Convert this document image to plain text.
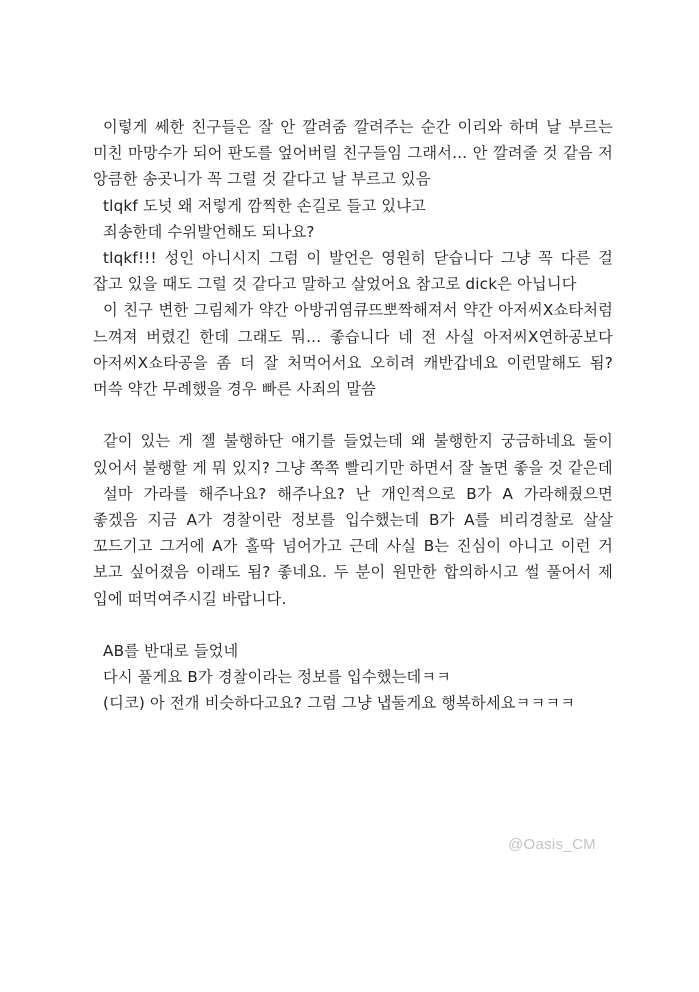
이렇게 쎄한 친구들은 잘 안 깔려줌 깔려주는 순간 이리와 하며 날 부르는 미친 마망수가 되어 판도를 엎어버릴 친구들임 그래서… 안 깔려줄 것 같음 저 앙큼한 송곳니가 꼭 그럴 것 같다고 날 부르고 있음

tlqkf 도넛 왜 저렇게 깜찍한 손길로 들고 있냐고

죄송한데 수위발언해도 되나요?

tlqkf!!! 성인 아니시지 그럼 이 발언은 영원히 닫습니다 그냥 꼭 다른 걸 잡고 있을 때도 그럴 것 같다고 말하고 살었어요 참고로 dick은 아닙니다

이 친구 변한 그림체가 약간 아방귀염큐뜨뽀짝해져서 약간 아저씨X쇼타처럼 느껴져 버렸긴 한데 그래도 뭐… 좋습니다 네 전 사실 아저씨X연하공보다 아저씨X쇼타공을 좀 더 잘 처먹어서요 오히려 캐반갑네요 이런말해도 됨? 머쓱 약간 무례했을 경우 빠른 사죄의 말씀

같이 있는 게 젤 불행하단 얘기를 들었는데 왜 불행한지 궁금하네요 둘이 있어서 불행할 게 뭐 있지? 그냥 쪽쪽 빨리기만 하면서 잘 놀면 좋을 것 같은데

설마 가라를 해주나요? 해주나요? 난 개인적으로 B가 A 가라해줬으면 좋겠음 지금 A가 경찰이란 정보를 입수했는데 B가 A를 비리경찰로 살살 꼬드기고 그거에 A가 홀딱 넘어가고 근데 사실 B는 진심이 아니고 이런 거 보고 싶어졌음 이래도 됨? 좋네요. 두 분이 원만한 합의하시고 썰 풀어서 제 입에 떠먹여주시길 바랍니다.

AB를 반대로 들었네

다시 풀게요 B가 경찰이라는 정보를 입수했는데ㅋㅋ

(디코) 아 전개 비슷하다고요? 그럼 그냥 냅둘게요 행복하세요ㅋㅋㅋㅋ

@Oasis_CM
